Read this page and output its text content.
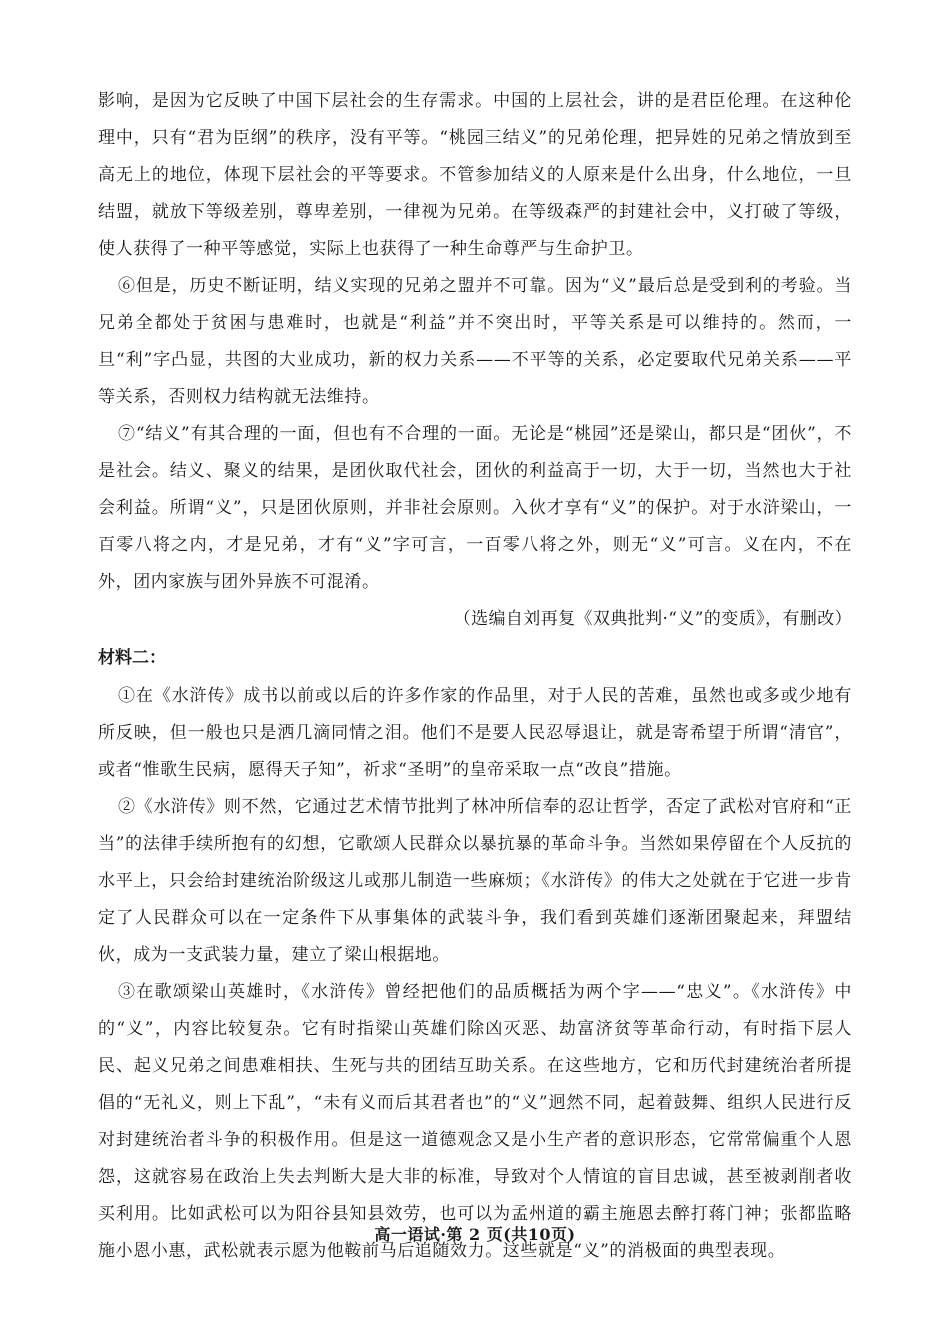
影响，是因为它反映了中国下层社会的生存需求。中国的上层社会，讲的是君臣伦理。在这种伦理中，只有“君为臣纲”的秩序，没有平等。“桃园三结义”的兄弟伦理，把异姓的兄弟之情放到至高无上的地位，体现下层社会的平等要求。不管参加结义的人原来是什么出身，什么地位，一旦结盟，就放下等级差别，尊卑差别，一律视为兄弟。在等级森严的封建社会中，义打破了等级，使人获得了一种平等感觉，实际上也获得了一种生命尊严与生命护卫。

⑥但是，历史不断证明，结义实现的兄弟之盟并不可靠。因为“义”最后总是受到利的考验。当兄弟全都处于贫困与患难时，也就是“利益”并不突出时，平等关系是可以维持的。然而，一旦“利”字凸显，共图的大业成功，新的权力关系——不平等的关系，必定要取代兄弟关系——平等关系，否则权力结构就无法维持。

⑦“结义”有其合理的一面，但也有不合理的一面。无论是“桃园”还是梁山，都只是“团伙”，不是社会。结义、聚义的结果，是团伙取代社会，团伙的利益高于一切，大于一切，当然也大于社会利益。所谓“义”，只是团伙原则，并非社会原则。入伙才享有“义”的保护。对于水浒梁山，一百零八将之内，才是兄弟，才有“义”字可言，一百零八将之外，则无“义”可言。义在内，不在外，团内家族与团外异族不可混淆。

（选编自刘再复《双典批判·“义”的变质》，有删改）

材料二：

①在《水浒传》成书以前或以后的许多作家的作品里，对于人民的苦难，虽然也或多或少地有所反映，但一般也只是洒几滴同情之泪。他们不是要人民忍辱退让，就是寄希望于所谓“清官”，或者“惟歌生民病，愿得天子知”，祈求“圣明”的皇帝采取一点“改良”措施。

②《水浒传》则不然，它通过艺术情节批判了林冲所信奉的忍让哲学，否定了武松对官府和“正当”的法律手续所抱有的幻想，它歌颂人民群众以暴抗暴的革命斗争。当然如果停留在个人反抗的水平上，只会给封建统治阶级这儿或那儿制造一些麻烦；《水浒传》的伟大之处就在于它进一步肯定了人民群众可以在一定条件下从事集体的武装斗争，我们看到英雄们逐渐团聚起来，拜盟结伙，成为一支武装力量，建立了梁山根据地。

③在歌颂梁山英雄时，《水浒传》曾经把他们的品质概括为两个字——“忠义”。《水浒传》中的“义”，内容比较复杂。它有时指梁山英雄们除凶灭恶、劫富济贫等革命行动，有时指下层人民、起义兄弟之间患难相扶、生死与共的团结互助关系。在这些地方，它和历代封建统治者所提倡的“无礼义，则上下乱”，“未有义而后其君者也”的“义”迥然不同，起着鼓舞、组织人民进行反对封建统治者斗争的积极作用。但是这一道德观念又是小生产者的意识形态，它常常偏重个人恩怨，这就容易在政治上失去判断大是大非的标准，导致对个人情谊的盲目忠诚，甚至被剥削者收买利用。比如武松可以为阳谷县知县效劳，也可以为孟州道的霸主施恩去醉打蒋门神；张都监略施小恩小惠，武松就表示愿为他鞍前马后追随效力。这些就是“义”的消极面的典型表现。

高一语试·第 2 页(共10页)
